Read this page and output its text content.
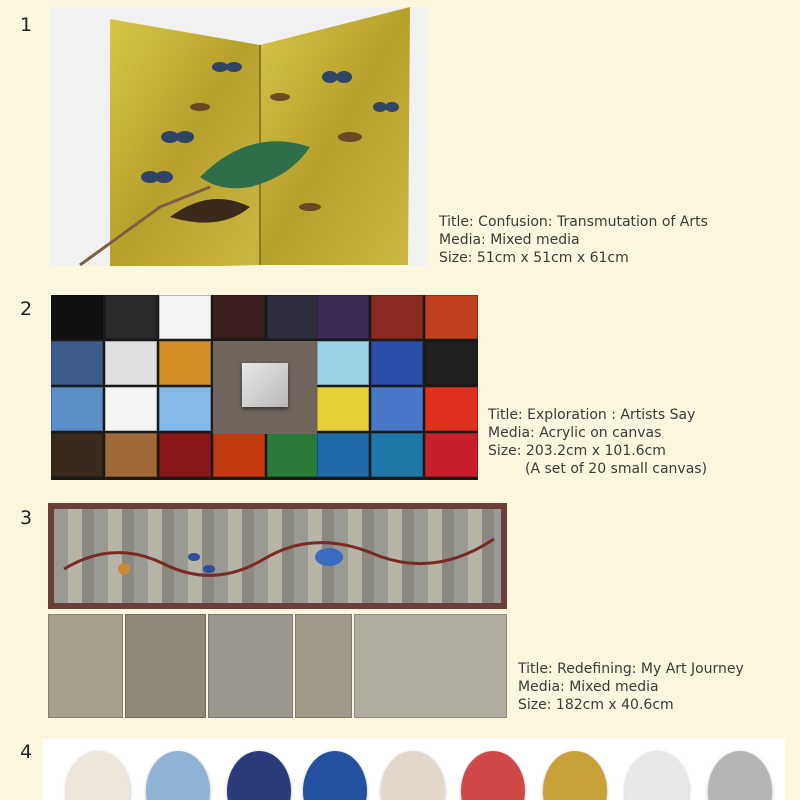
1
Title: Confusion: Transmutation of Arts
Media: Mixed media
Size: 51cm x 51cm x 61cm
2
Title: Exploration : Artists Say
Media: Acrylic on canvas
Size: 203.2cm x 101.6cm
(A set of 20 small canvas)
3
Title: Redefining: My Art Journey
Media: Mixed media
Size: 182cm x 40.6cm
4
